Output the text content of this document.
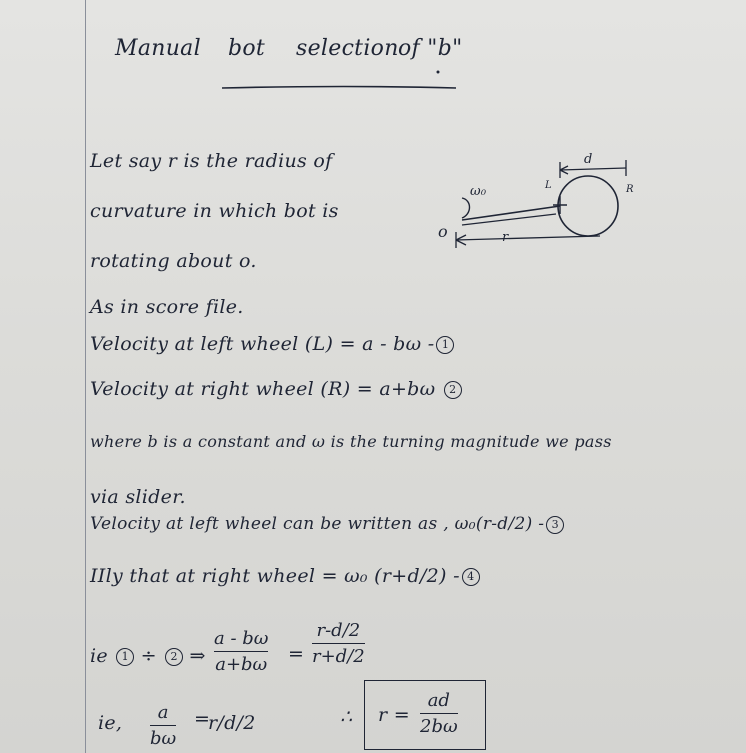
Manual bot selection of "b"
Let say r is the radius of
curvature in which bot is
rotating about o.
As in score file.
Velocity at left wheel (L) = a - bω - 1
Velocity at right wheel (R) = a+bω 2
where b is a constant and ω is the turning magnitude we pass
via slider.
Velocity at left wheel can be written as , ω₀(r-d/2) - 3
IIly that at right wheel = ω₀ (r+d/2) - 4
ie 1 ÷ 2 ⇒
a - bω
a+bω =
r-d/2
r+d/2
ie, a
bω
=
r/d/2	∴ r =
ad
2bω
o
ω₀
d
r
R
L
